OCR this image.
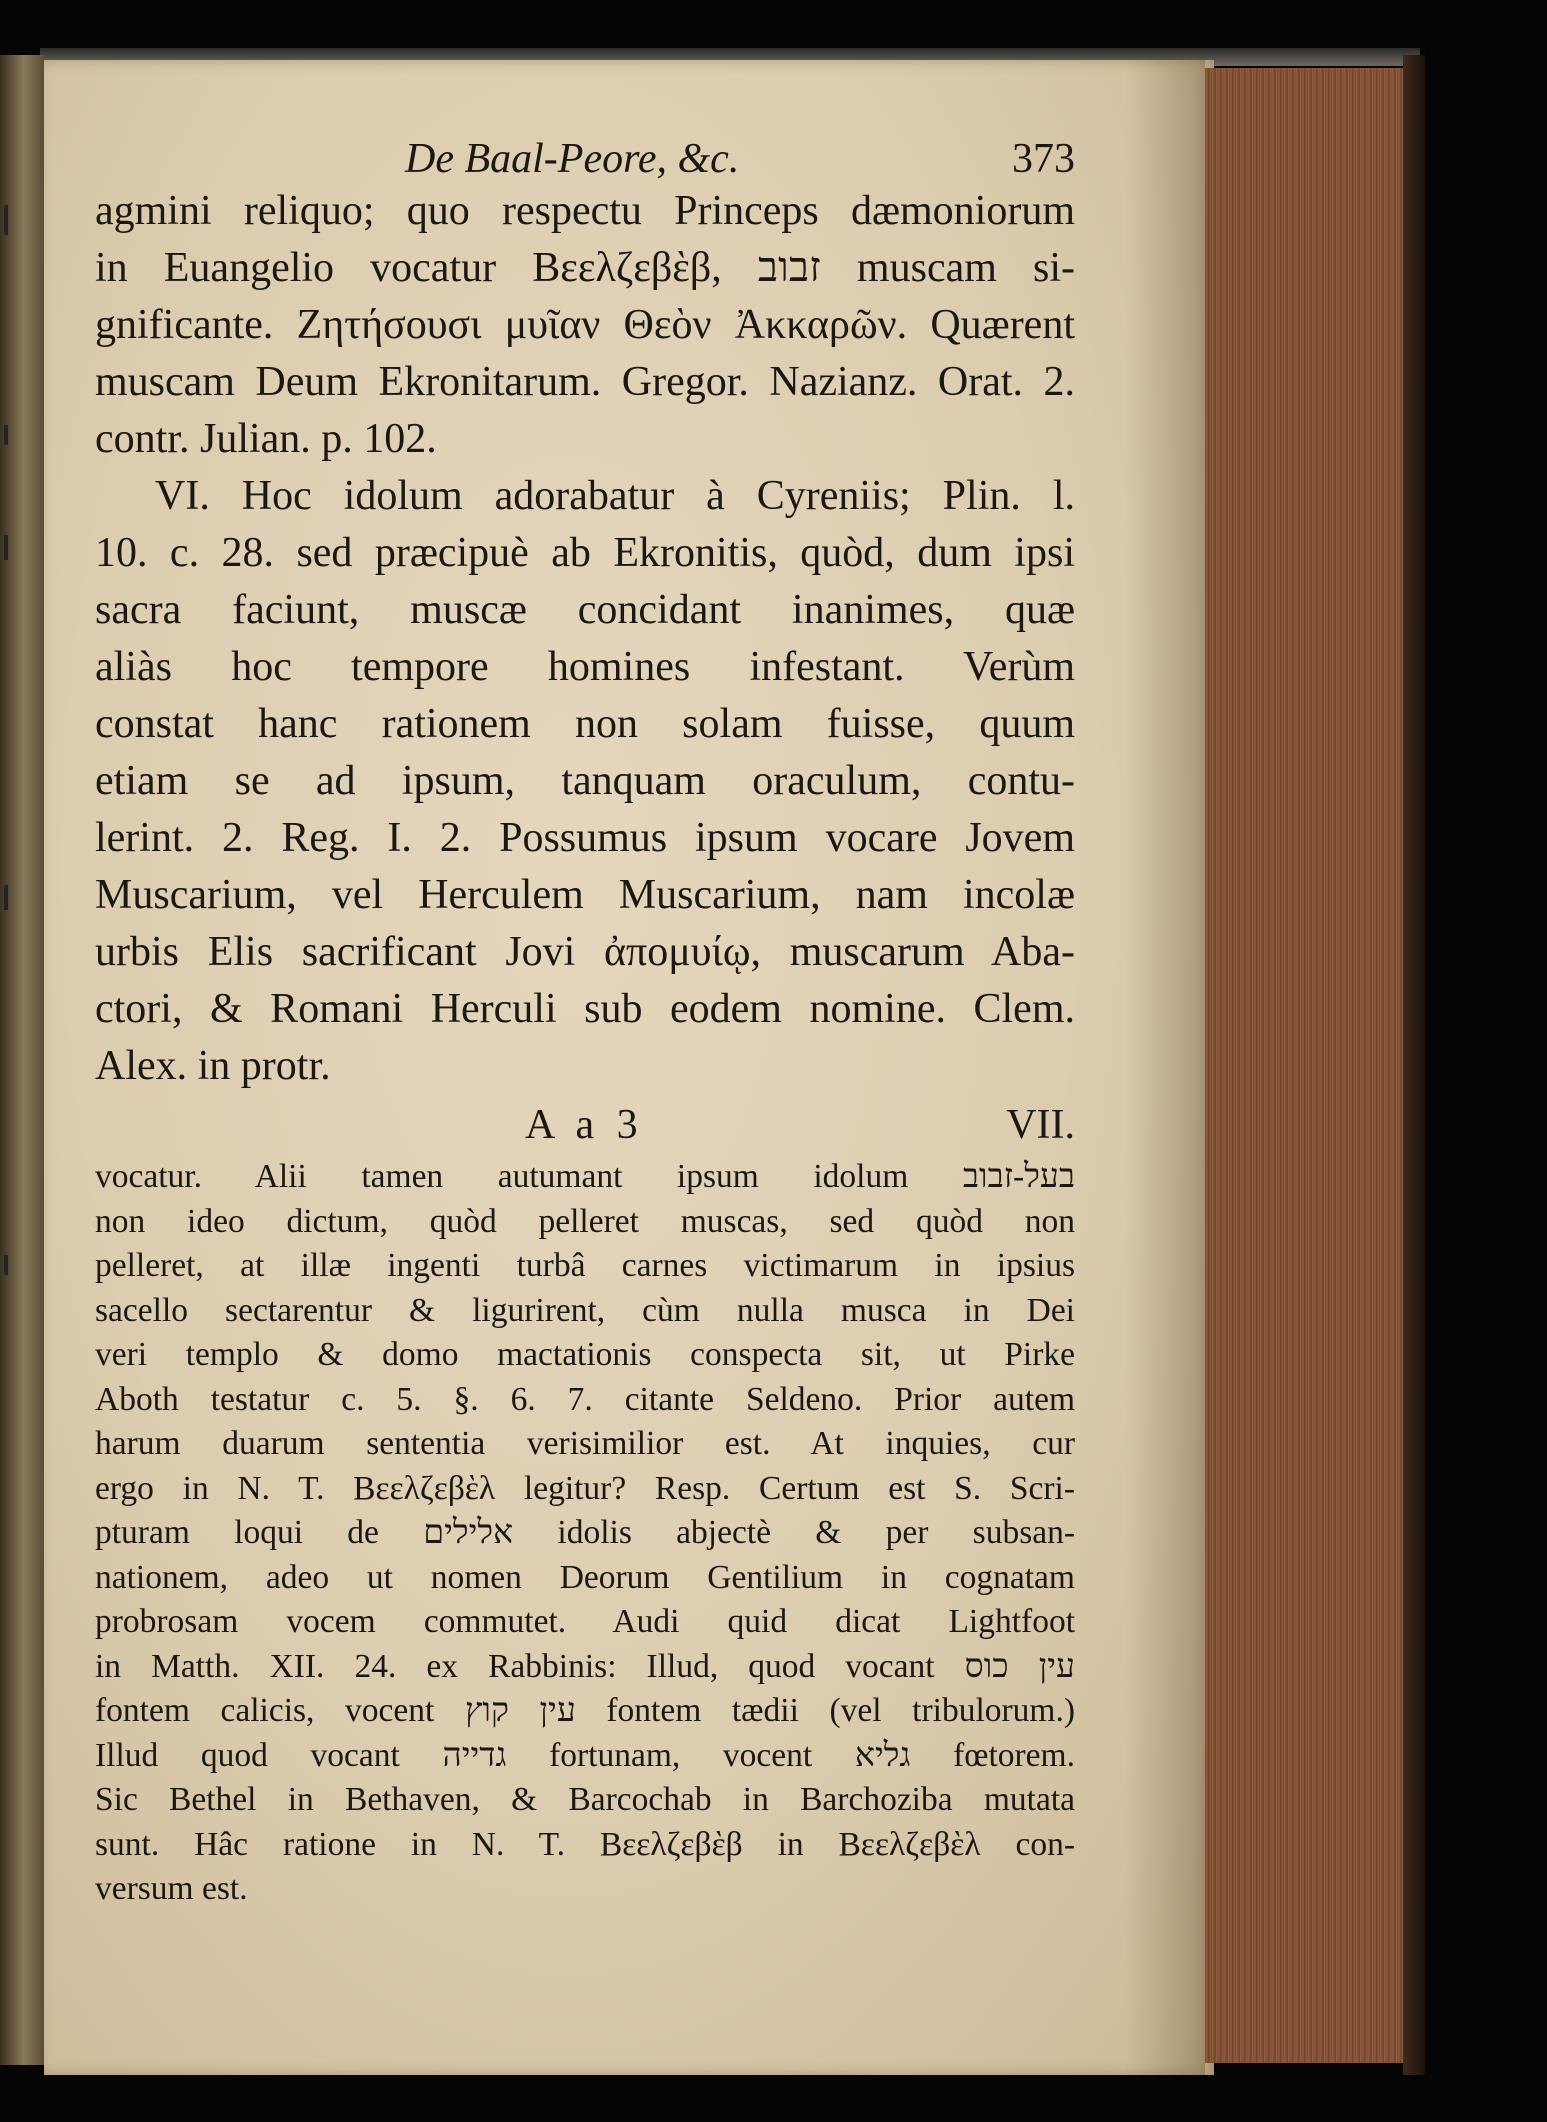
De Baal-Peore, &c.	373
agmini reliquo; quo respectu Princeps dæmoniorum
in Euangelio vocatur Βεελζεβὲβ, זבוב muscam si-
gnificante. Ζητήσουσι μυῖαν Θεὸν Ἀκκαρῶν. Quærent
muscam Deum Ekronitarum. Gregor. Nazianz. Orat. 2.
contr. Julian. p. 102.
VI. Hoc idolum adorabatur à Cyreniis; Plin. l.
10. c. 28. sed præcipuè ab Ekronitis, quòd, dum ipsi
sacra faciunt, muscæ concidant inanimes, quæ
aliàs hoc tempore homines infestant. Verùm
constat hanc rationem non solam fuisse, quum
etiam se ad ipsum, tanquam oraculum, contu-
lerint. 2. Reg. I. 2. Possumus ipsum vocare Jovem
Muscarium, vel Herculem Muscarium, nam incolæ
urbis Elis sacrificant Jovi ἀπομυίῳ, muscarum Aba-
ctori, & Romani Herculi sub eodem nomine. Clem.
Alex. in protr.
A a 3	VII.
vocatur. Alii tamen autumant ipsum idolum בעל-זבוב
non ideo dictum, quòd pelleret muscas, sed quòd non
pelleret, at illæ ingenti turbâ carnes victimarum in ipsius
sacello sectarentur & ligurirent, cùm nulla musca in Dei
veri templo & domo mactationis conspecta sit, ut Pirke
Aboth testatur c. 5. §. 6. 7. citante Seldeno. Prior autem
harum duarum sententia verisimilior est. At inquies, cur
ergo in N. T. Βεελζεβὲλ legitur? Resp. Certum est S. Scri-
pturam loqui de אלילים idolis abjectè & per subsan-
nationem, adeo ut nomen Deorum Gentilium in cognatam
probrosam vocem commutet. Audi quid dicat Lightfoot
in Matth. XII. 24. ex Rabbinis: Illud, quod vocant עין כוס
fontem calicis, vocent עין קוץ fontem tædii (vel tribulorum.)
Illud quod vocant גדייה fortunam, vocent גליא fœtorem.
Sic Bethel in Bethaven, & Barcochab in Barchoziba mutata
sunt. Hâc ratione in N. T. Βεελζεβὲβ in Βεελζεβὲλ con-
versum est.
